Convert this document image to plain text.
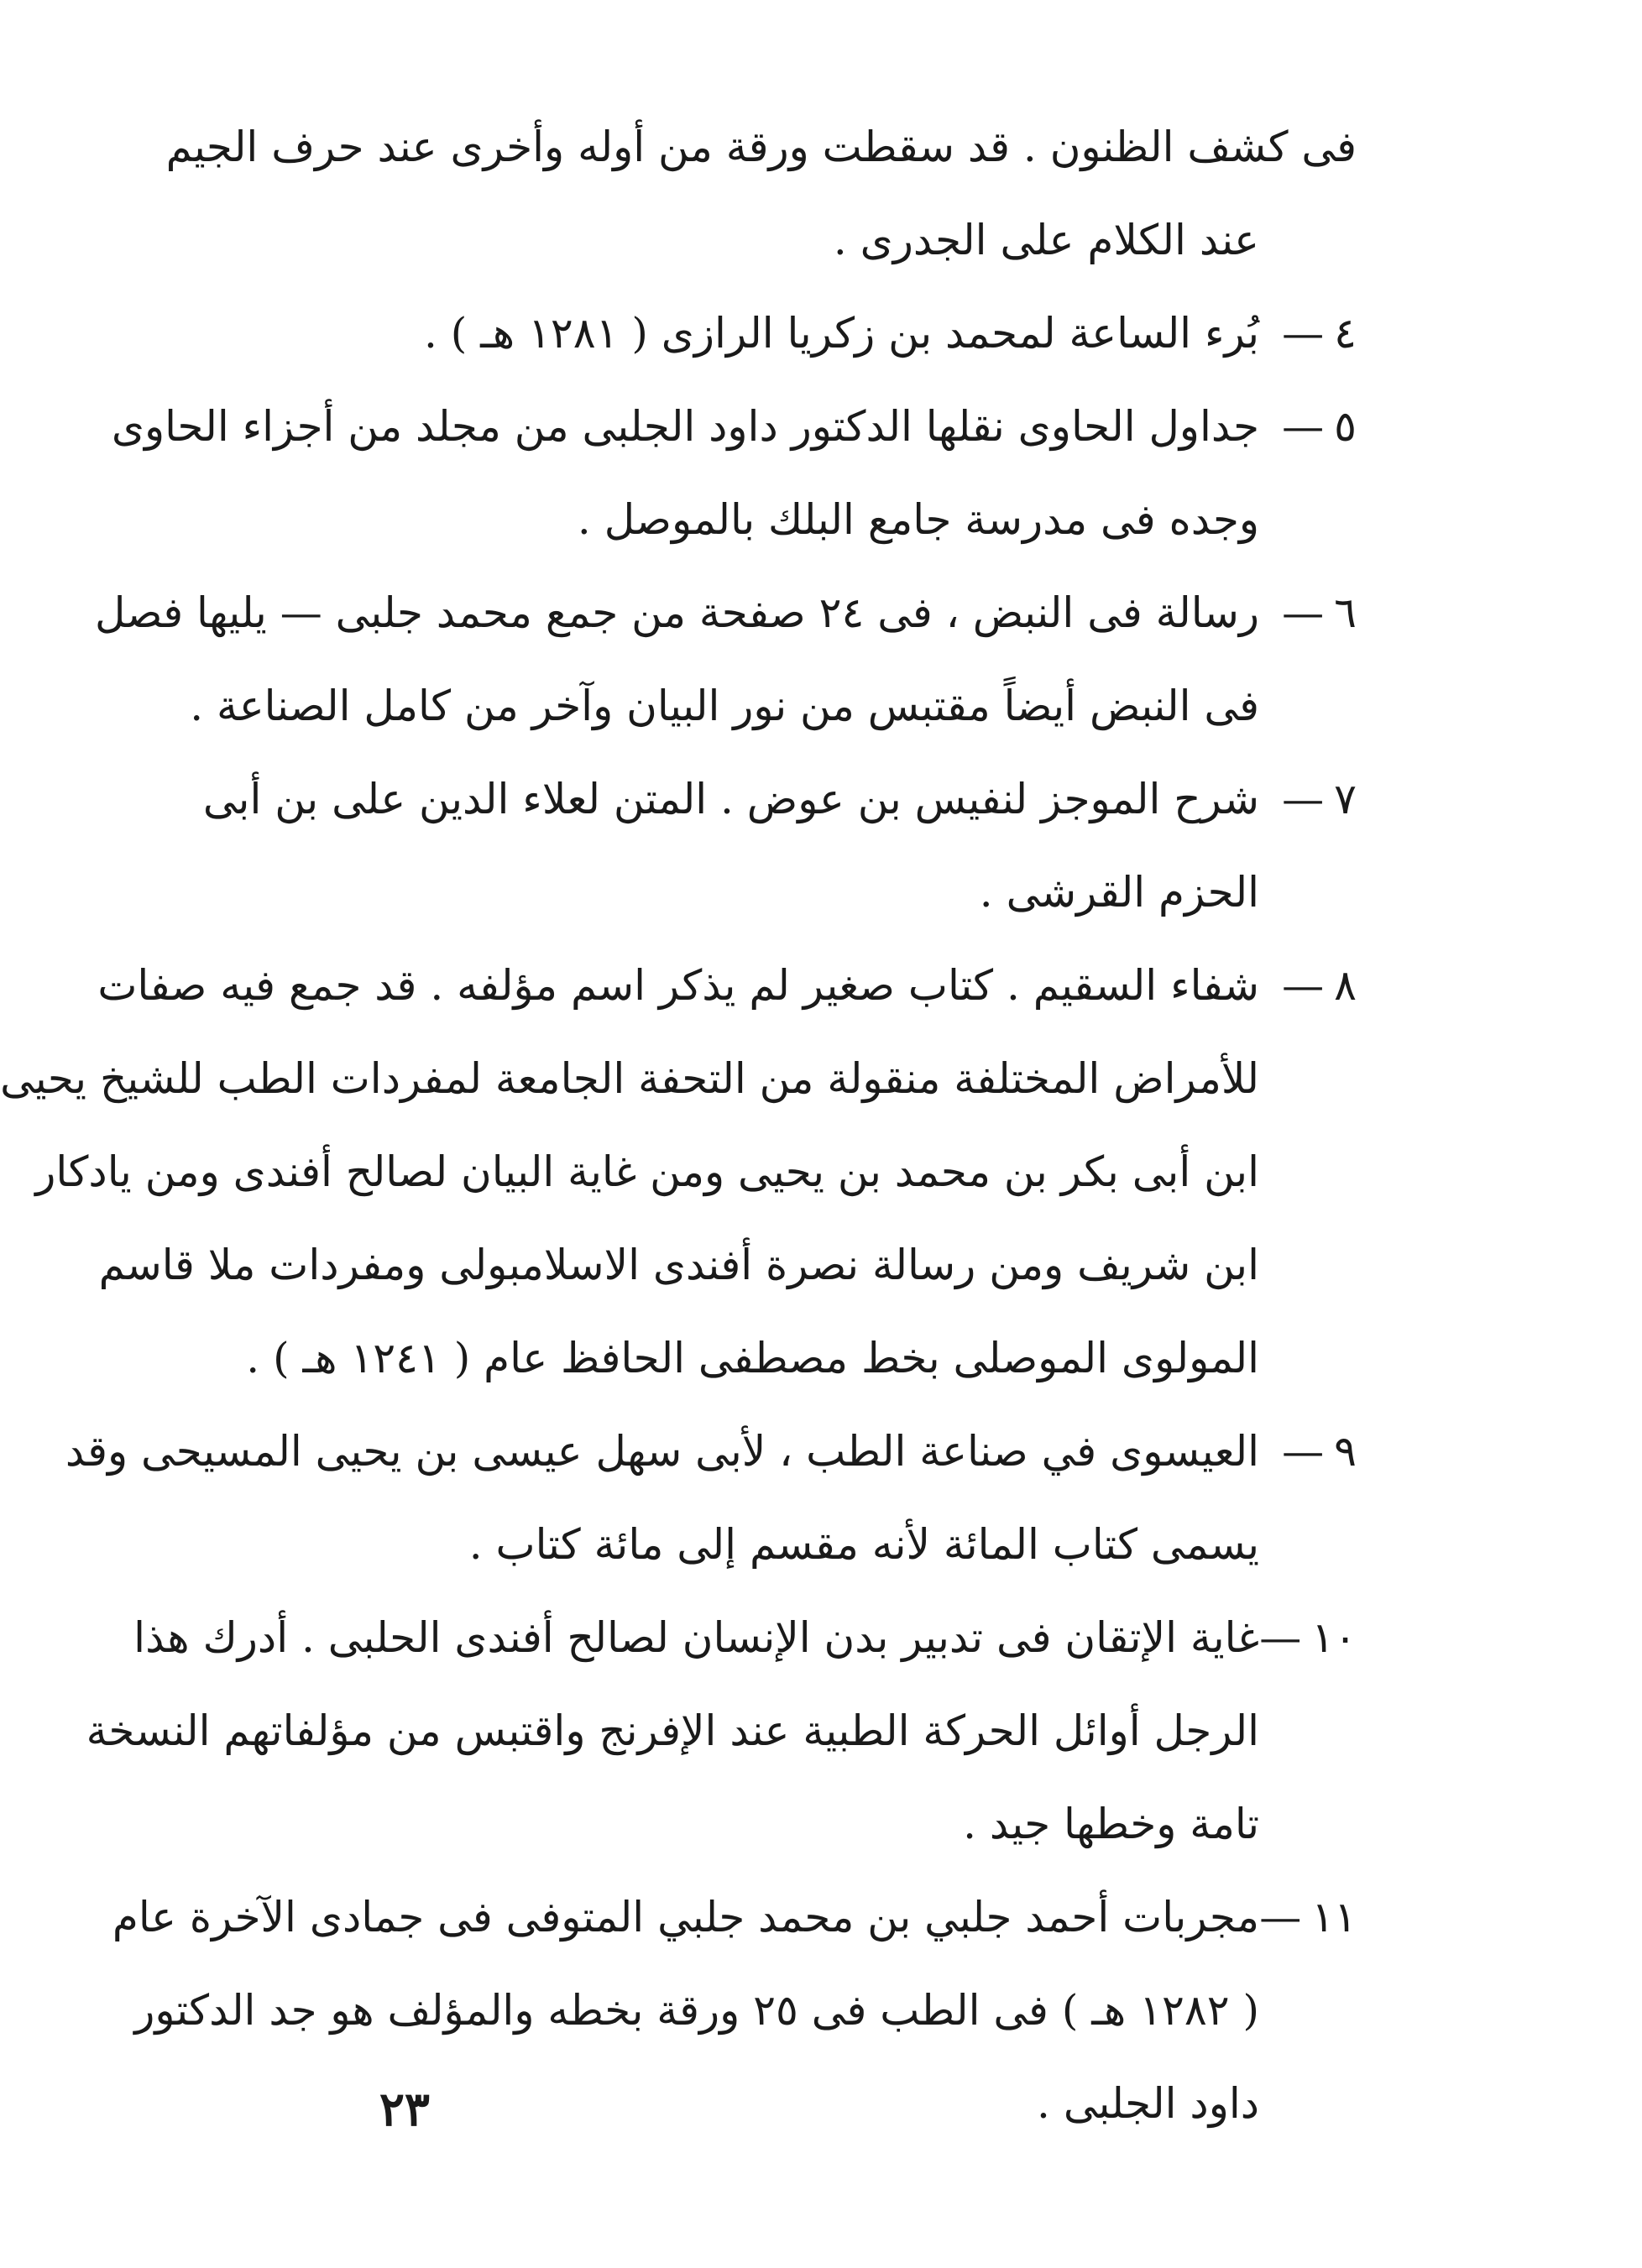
فى كشف الظنون . قد سقطت ورقة من أوله وأخرى عند حرف الجيم
عند الكلام على الجدرى .
٤—
بُرء الساعة لمحمد بن زكريا الرازى ( ١٢٨١ هـ ) .
٥—
جداول الحاوى نقلها الدكتور داود الجلبى من مجلد من أجزاء الحاوى
وجده فى مدرسة جامع البلك بالموصل .
٦—
رسالة فى النبض ، فى ٢٤ صفحة من جمع محمد جلبى — يليها فصل
فى النبض أيضاً مقتبس من نور البيان وآخر من كامل الصناعة .
٧—
شرح الموجز لنفيس بن عوض . المتن لعلاء الدين على بن أبى
الحزم القرشى .
٨—
شفاء السقيم . كتاب صغير لم يذكر اسم مؤلفه . قد جمع فيه صفات
للأمراض المختلفة منقولة من التحفة الجامعة لمفردات الطب للشيخ يحيى
ابن أبى بكر بن محمد بن يحيى ومن غاية البيان لصالح أفندى ومن يادكار
ابن شريف ومن رسالة نصرة أفندى الاسلامبولى ومفردات ملا قاسم
المولوى الموصلى بخط مصطفى الحافظ عام ( ١٢٤١ هـ ) .
٩—
العيسوى في صناعة الطب ، لأبى سهل عيسى بن يحيى المسيحى وقد
يسمى كتاب المائة لأنه مقسم إلى مائة كتاب .
١٠—
غاية الإتقان فى تدبير بدن الإنسان لصالح أفندى الحلبى . أدرك هذا
الرجل أوائل الحركة الطبية عند الإفرنج واقتبس من مؤلفاتهم النسخة
تامة وخطها جيد .
١١—
مجربات أحمد جلبي بن محمد جلبي المتوفى فى جمادى الآخرة عام
( ١٢٨٢ هـ ) فى الطب فى ٢٥ ورقة بخطه والمؤلف هو جد الدكتور
داود الجلبى .
٢٣
